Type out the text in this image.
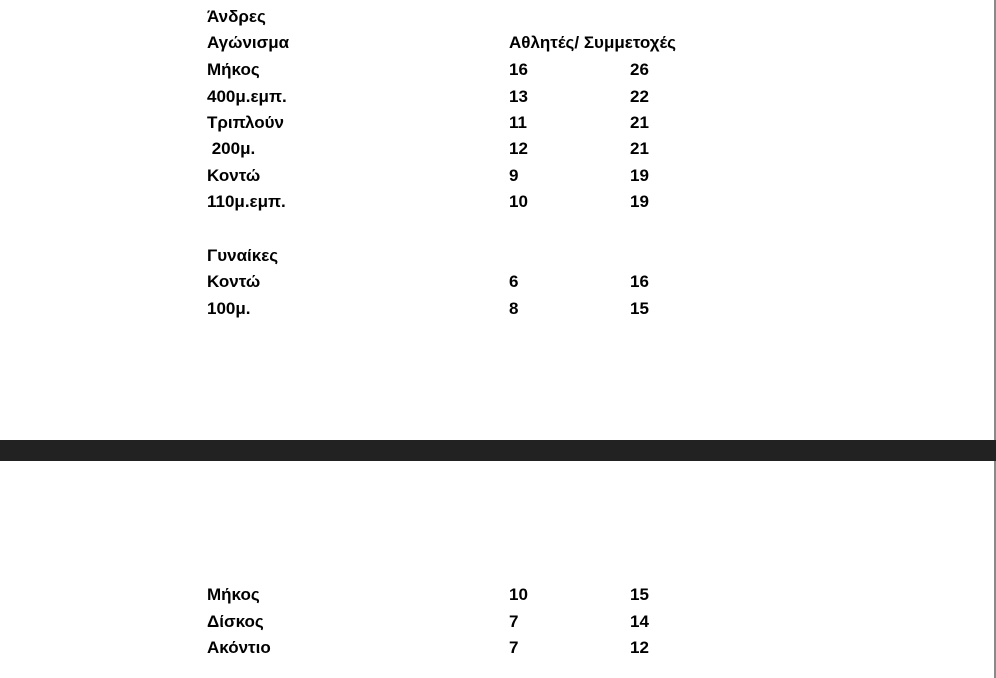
Άνδρες
Αγώνισμα	Αθλητές/ Συμμετοχές
Μήκος	16	26
400μ.εμπ.	13	22
Τριπλούν	11	21
200μ.	12	21
Κοντώ	9	19
110μ.εμπ.	10	19
Γυναίκες
Κοντώ	6	16
100μ.	8	15
Μήκος	10	15
Δίσκος	7	14
Ακόντιο	7	12
